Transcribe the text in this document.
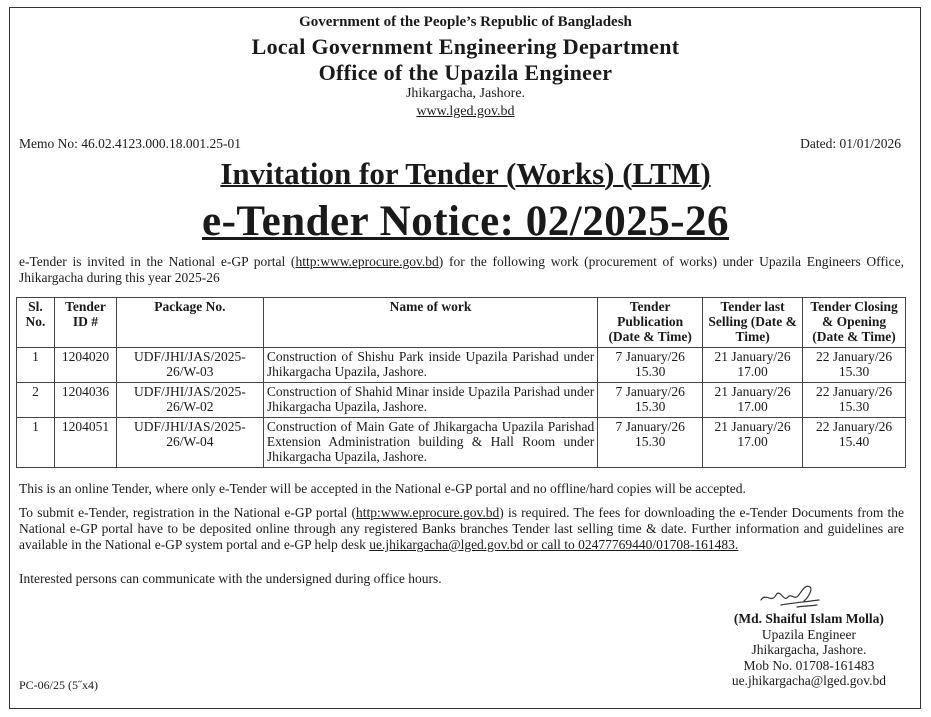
Government of the People’s Republic of Bangladesh
Local Government Engineering Department
Office of the Upazila Engineer
Jhikargacha, Jashore.
www.lged.gov.bd
Memo No: 46.02.4123.000.18.001.25-01	Dated: 01/01/2026
Invitation for Tender (Works) (LTM)
e-Tender Notice: 02/2025-26
e-Tender is invited in the National e-GP portal (http:www.eprocure.gov.bd) for the following work (procurement of works) under Upazila Engineers Office, Jhikargacha during this year 2025-26
Sl. No.	Tender ID #	Package No.	Name of work	Tender Publication (Date & Time)	Tender last Selling (Date & Time)	Tender Closing & Opening (Date & Time)
1	1204020	UDF/JHI/JAS/2025-26/W-03	Construction of Shishu Park inside Upazila Parishad under Jhikargacha Upazila, Jashore.	7 January/26 15.30	21 January/26 17.00	22 January/26 15.30
2	1204036	UDF/JHI/JAS/2025-26/W-02	Construction of Shahid Minar inside Upazila Parishad under Jhikargacha Upazila, Jashore.	7 January/26 15.30	21 January/26 17.00	22 January/26 15.30
1	1204051	UDF/JHI/JAS/2025-26/W-04	Construction of Main Gate of Jhikargacha Upazila Parishad Extension Administration building & Hall Room under Jhikargacha Upazila, Jashore.	7 January/26 15.30	21 January/26 17.00	22 January/26 15.40
This is an online Tender, where only e-Tender will be accepted in the National e-GP portal and no offline/hard copies will be accepted.
To submit e-Tender, registration in the National e-GP portal (http:www.eprocure.gov.bd) is required. The fees for downloading the e-Tender Documents from the National e-GP portal have to be deposited online through any registered Banks branches Tender last selling time & date. Further information and guidelines are available in the National e-GP system portal and e-GP help desk ue.jhikargacha@lged.gov.bd or call to 02477769440/01708-161483.
Interested persons can communicate with the undersigned during office hours.
(Md. Shaiful Islam Molla)
Upazila Engineer
Jhikargacha, Jashore.
Mob No. 01708-161483
ue.jhikargacha@lged.gov.bd
PC-06/25 (5˝x4)
